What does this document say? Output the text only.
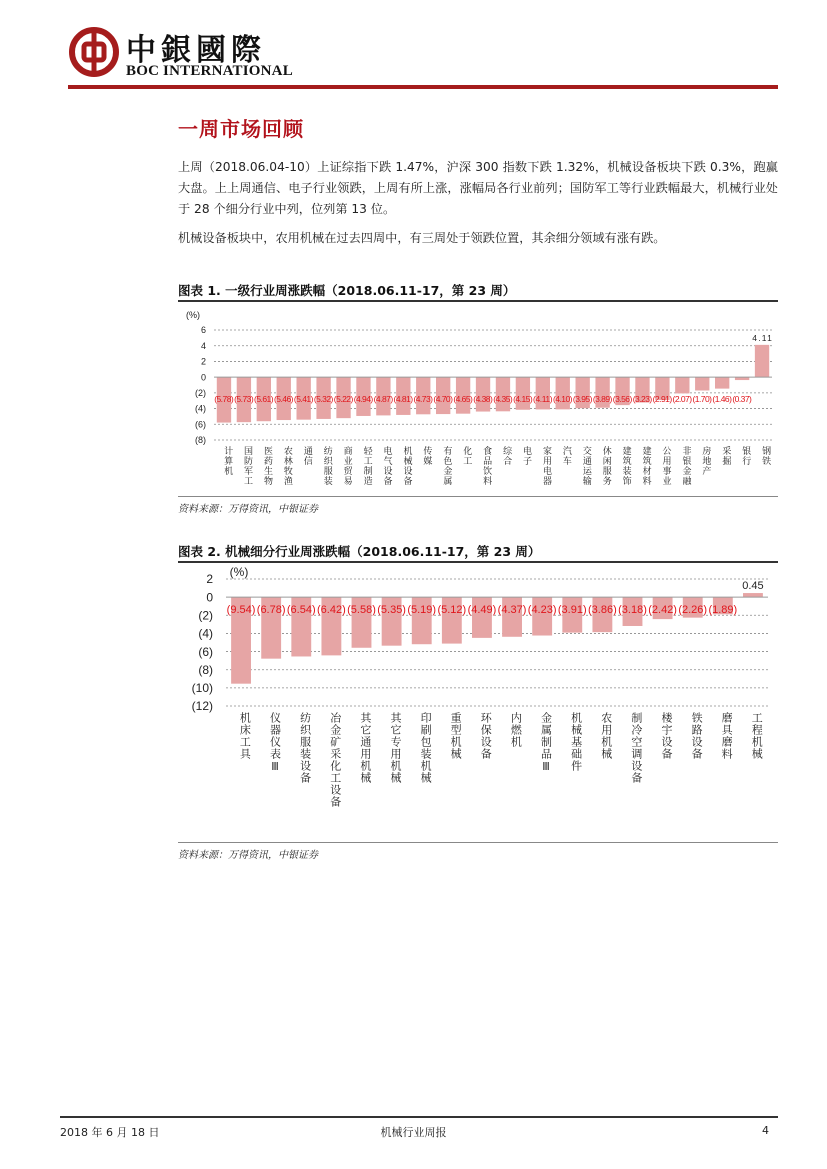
中銀國際
BOC INTERNATIONAL
一周市场回顾

上周（2018.06.04-10）上证综指下跌 1.47%，沪深 300 指数下跌 1.32%，机械设备板块下跌 0.3%，跑赢大盘。上上周通信、电子行业领跌，上周有所上涨，涨幅局各行业前列；国防军工等行业跌幅最大，机械行业处于 28 个细分行业中列，位列第 13 位。

机械设备板块中，农用机械在过去四周中，有三周处于领跌位置，其余细分领域有涨有跌。

图表 1. 一级行业周涨跌幅（2018.06.11-17，第 23 周）
6
4
2
0
(2)
(4)
(6)
(8)
(%)
(5.78)
计算机
(5.73)
国防军工
(5.61)
医药生物
(5.46)
农林牧渔
(5.41)
通信
(5.32)
纺织服装
(5.22)
商业贸易
(4.94)
轻工制造
(4.87)
电气设备
(4.81)
机械设备
(4.73)
传媒
(4.70)
有色金属
(4.65)
化工
(4.38)
食品饮料
(4.35)
综合
(4.15)
电子
(4.11)
家用电器
(4.10)
汽车
(3.95)
交通运输
(3.89)
休闲服务
(3.56)
建筑装饰
(3.23)
建筑材料
(2.91)
公用事业
(2.07)
非银金融
(1.70)
房地产
(1.46)
采掘
(0.37)
银行
4.11
钢铁
资料来源：万得资讯，中银证券
图表 2. 机械细分行业周涨跌幅（2018.06.11-17，第 23 周）
2
0
(2)
(4)
(6)
(8)
(10)
(12)
(%)
(9.54)
机床工具
(6.78)
仪器仪表Ⅲ
(6.54)
纺织服装设备
(6.42)
冶金矿采化工设备
(5.58)
其它通用机械
(5.35)
其它专用机械
(5.19)
印刷包装机械
(5.12)
重型机械
(4.49)
环保设备
(4.37)
内燃机
(4.23)
金属制品Ⅲ
(3.91)
机械基础件
(3.86)
农用机械
(3.18)
制冷空调设备
(2.42)
楼宇设备
(2.26)
铁路设备
(1.89)
磨具磨料
0.45
工程机械
资料来源：万得资讯，中银证券
2018 年 6 月 18 日	机械行业周报	4
